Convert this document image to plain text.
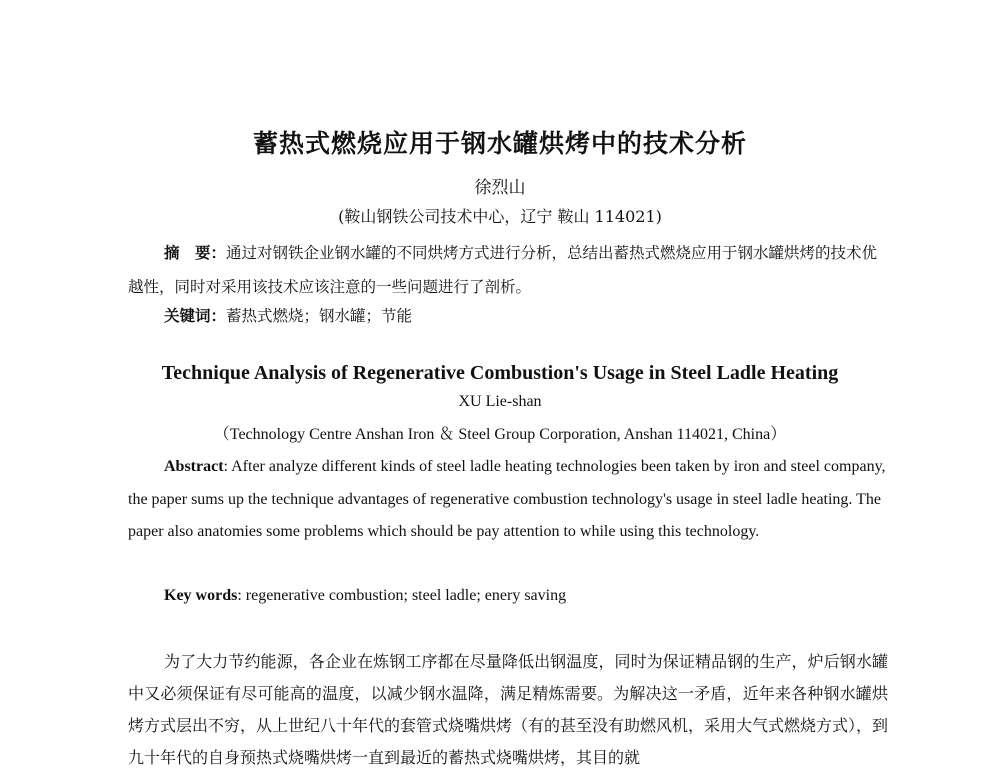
蓄热式燃烧应用于钢水罐烘烤中的技术分析
徐烈山
(鞍山钢铁公司技术中心，辽宁 鞍山 114021)
摘　要：通过对钢铁企业钢水罐的不同烘烤方式进行分析，总结出蓄热式燃烧应用于钢水罐烘烤的技术优越性，同时对采用该技术应该注意的一些问题进行了剖析。
关键词：蓄热式燃烧；钢水罐；节能
Technique Analysis of Regenerative Combustion's Usage in Steel Ladle Heating
XU Lie-shan
（Technology Centre Anshan Iron ＆ Steel Group Corporation, Anshan 114021, China）
Abstract: After analyze different kinds of steel ladle heating technologies been taken by iron and steel company, the paper sums up the technique advantages of regenerative combustion technology's usage in steel ladle heating. The paper also anatomies some problems which should be pay attention to while using this technology.
Key words: regenerative combustion; steel ladle; enery saving
为了大力节约能源，各企业在炼钢工序都在尽量降低出钢温度，同时为保证精品钢的生产，炉后钢水罐中又必须保证有尽可能高的温度，以减少钢水温降，满足精炼需要。为解决这一矛盾，近年来各种钢水罐烘烤方式层出不穷，从上世纪八十年代的套管式烧嘴烘烤（有的甚至没有助燃风机，采用大气式燃烧方式），到九十年代的自身预热式烧嘴烘烤一直到最近的蓄热式烧嘴烘烤，其目的就
